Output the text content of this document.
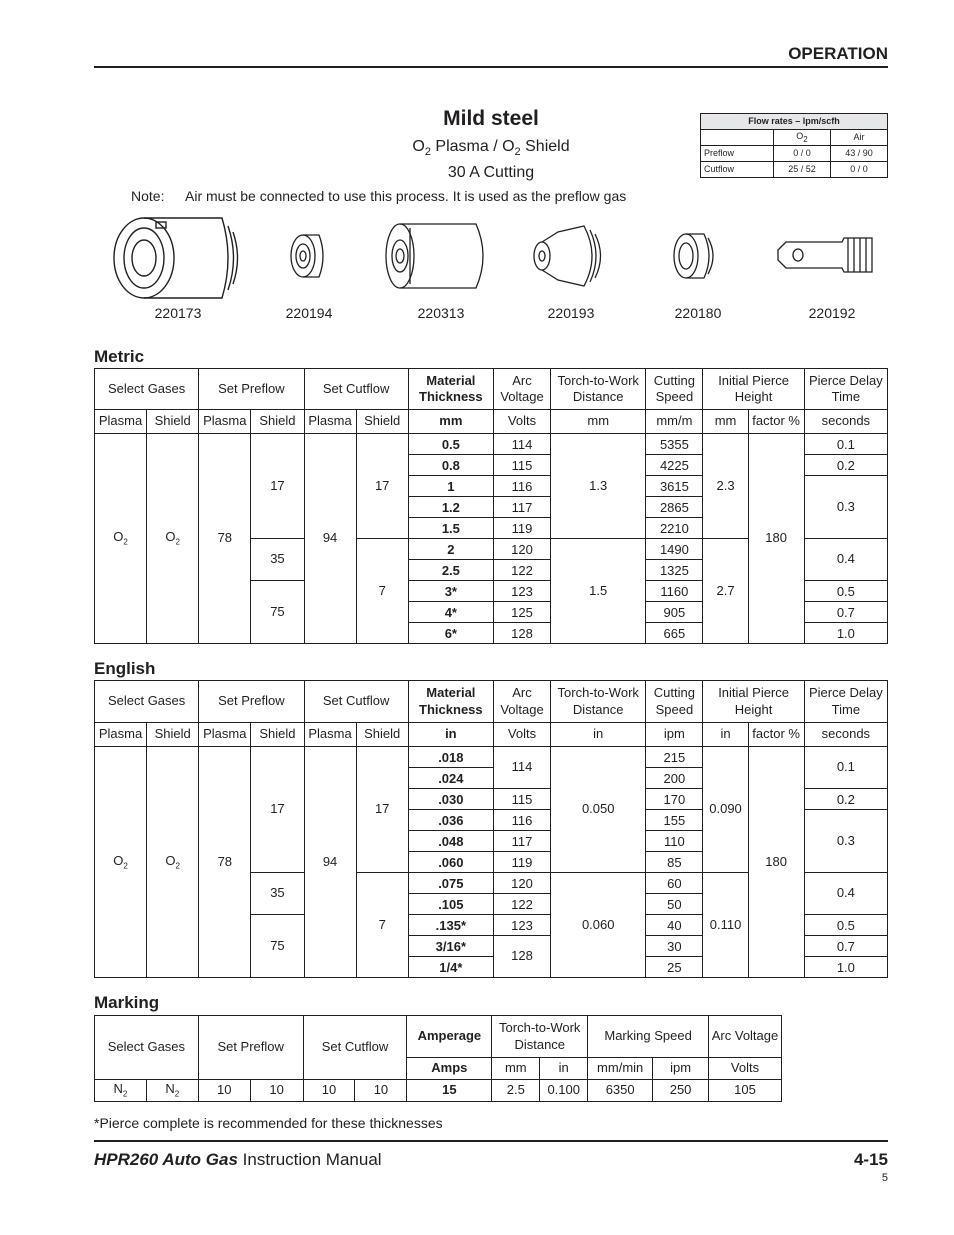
OPERATION
Mild steel
$O_2$ Plasma / $O_2$ Shield
30 A Cutting
Note: Air must be connected to use this process. It is used as the preflow gas
Flow rates – lpm/scfh		
	$O_2$	Air
Preflow	0 / 0	43 / 90
Cutflow	25 / 52	0 / 0
220173	220194	220313	220193	220180	220192
Metric
Select Gases		Set Preflow		Set Cutflow		Material Thickness	Arc Voltage	Torch-to-Work Distance	Cutting Speed	Initial Pierce Height		Pierce Delay Time
Plasma	Shield	Plasma	Shield	Plasma	Shield	mm	Volts	mm	mm/m	mm	factor %	seconds
$O_2$	$O_2$	78	17	94	17	0.5	114	1.3	5355	2.3	180	0.1
						0.8	115		4225			0.2
						1	116		3615			0.3
						1.2	117		2865			
						1.5	119		2210			
			35		7	2	120	1.5	1490	2.7		0.4
						2.5	122		1325			
			75			3*	123		1160			0.5
						4*	125		905			0.7
						6*	128		665			1.0
English
Select Gases		Set Preflow		Set Cutflow		Material Thickness	Arc Voltage	Torch-to-Work Distance	Cutting Speed	Initial Pierce Height		Pierce Delay Time
Plasma	Shield	Plasma	Shield	Plasma	Shield	in	Volts	in	ipm	in	factor %	seconds
$O_2$	$O_2$	78	17	94	17	.018	114	0.050	215	0.090	180	0.1
						.024			200			
						.030	115		170			0.2
						.036	116		155			0.3
						.048	117		110			
						.060	119		85			
			35		7	.075	120	0.060	60	0.110		0.4
						.105	122		50			
			75			.135*	123		40			0.5
						3/16*	128		30			0.7
						1/4*			25			1.0
Marking
Select Gases		Set Preflow		Set Cutflow		Amperage	Torch-to-Work Distance		Marking Speed		Arc Voltage
						Amps	mm	in	mm/min	ipm	Volts
$N_2$	$N_2$	10	10	10	10	15	2.5	0.100	6350	250	105
*Pierce complete is recommended for these thicknesses
HPR260 Auto Gas Instruction Manual	4-15
5
